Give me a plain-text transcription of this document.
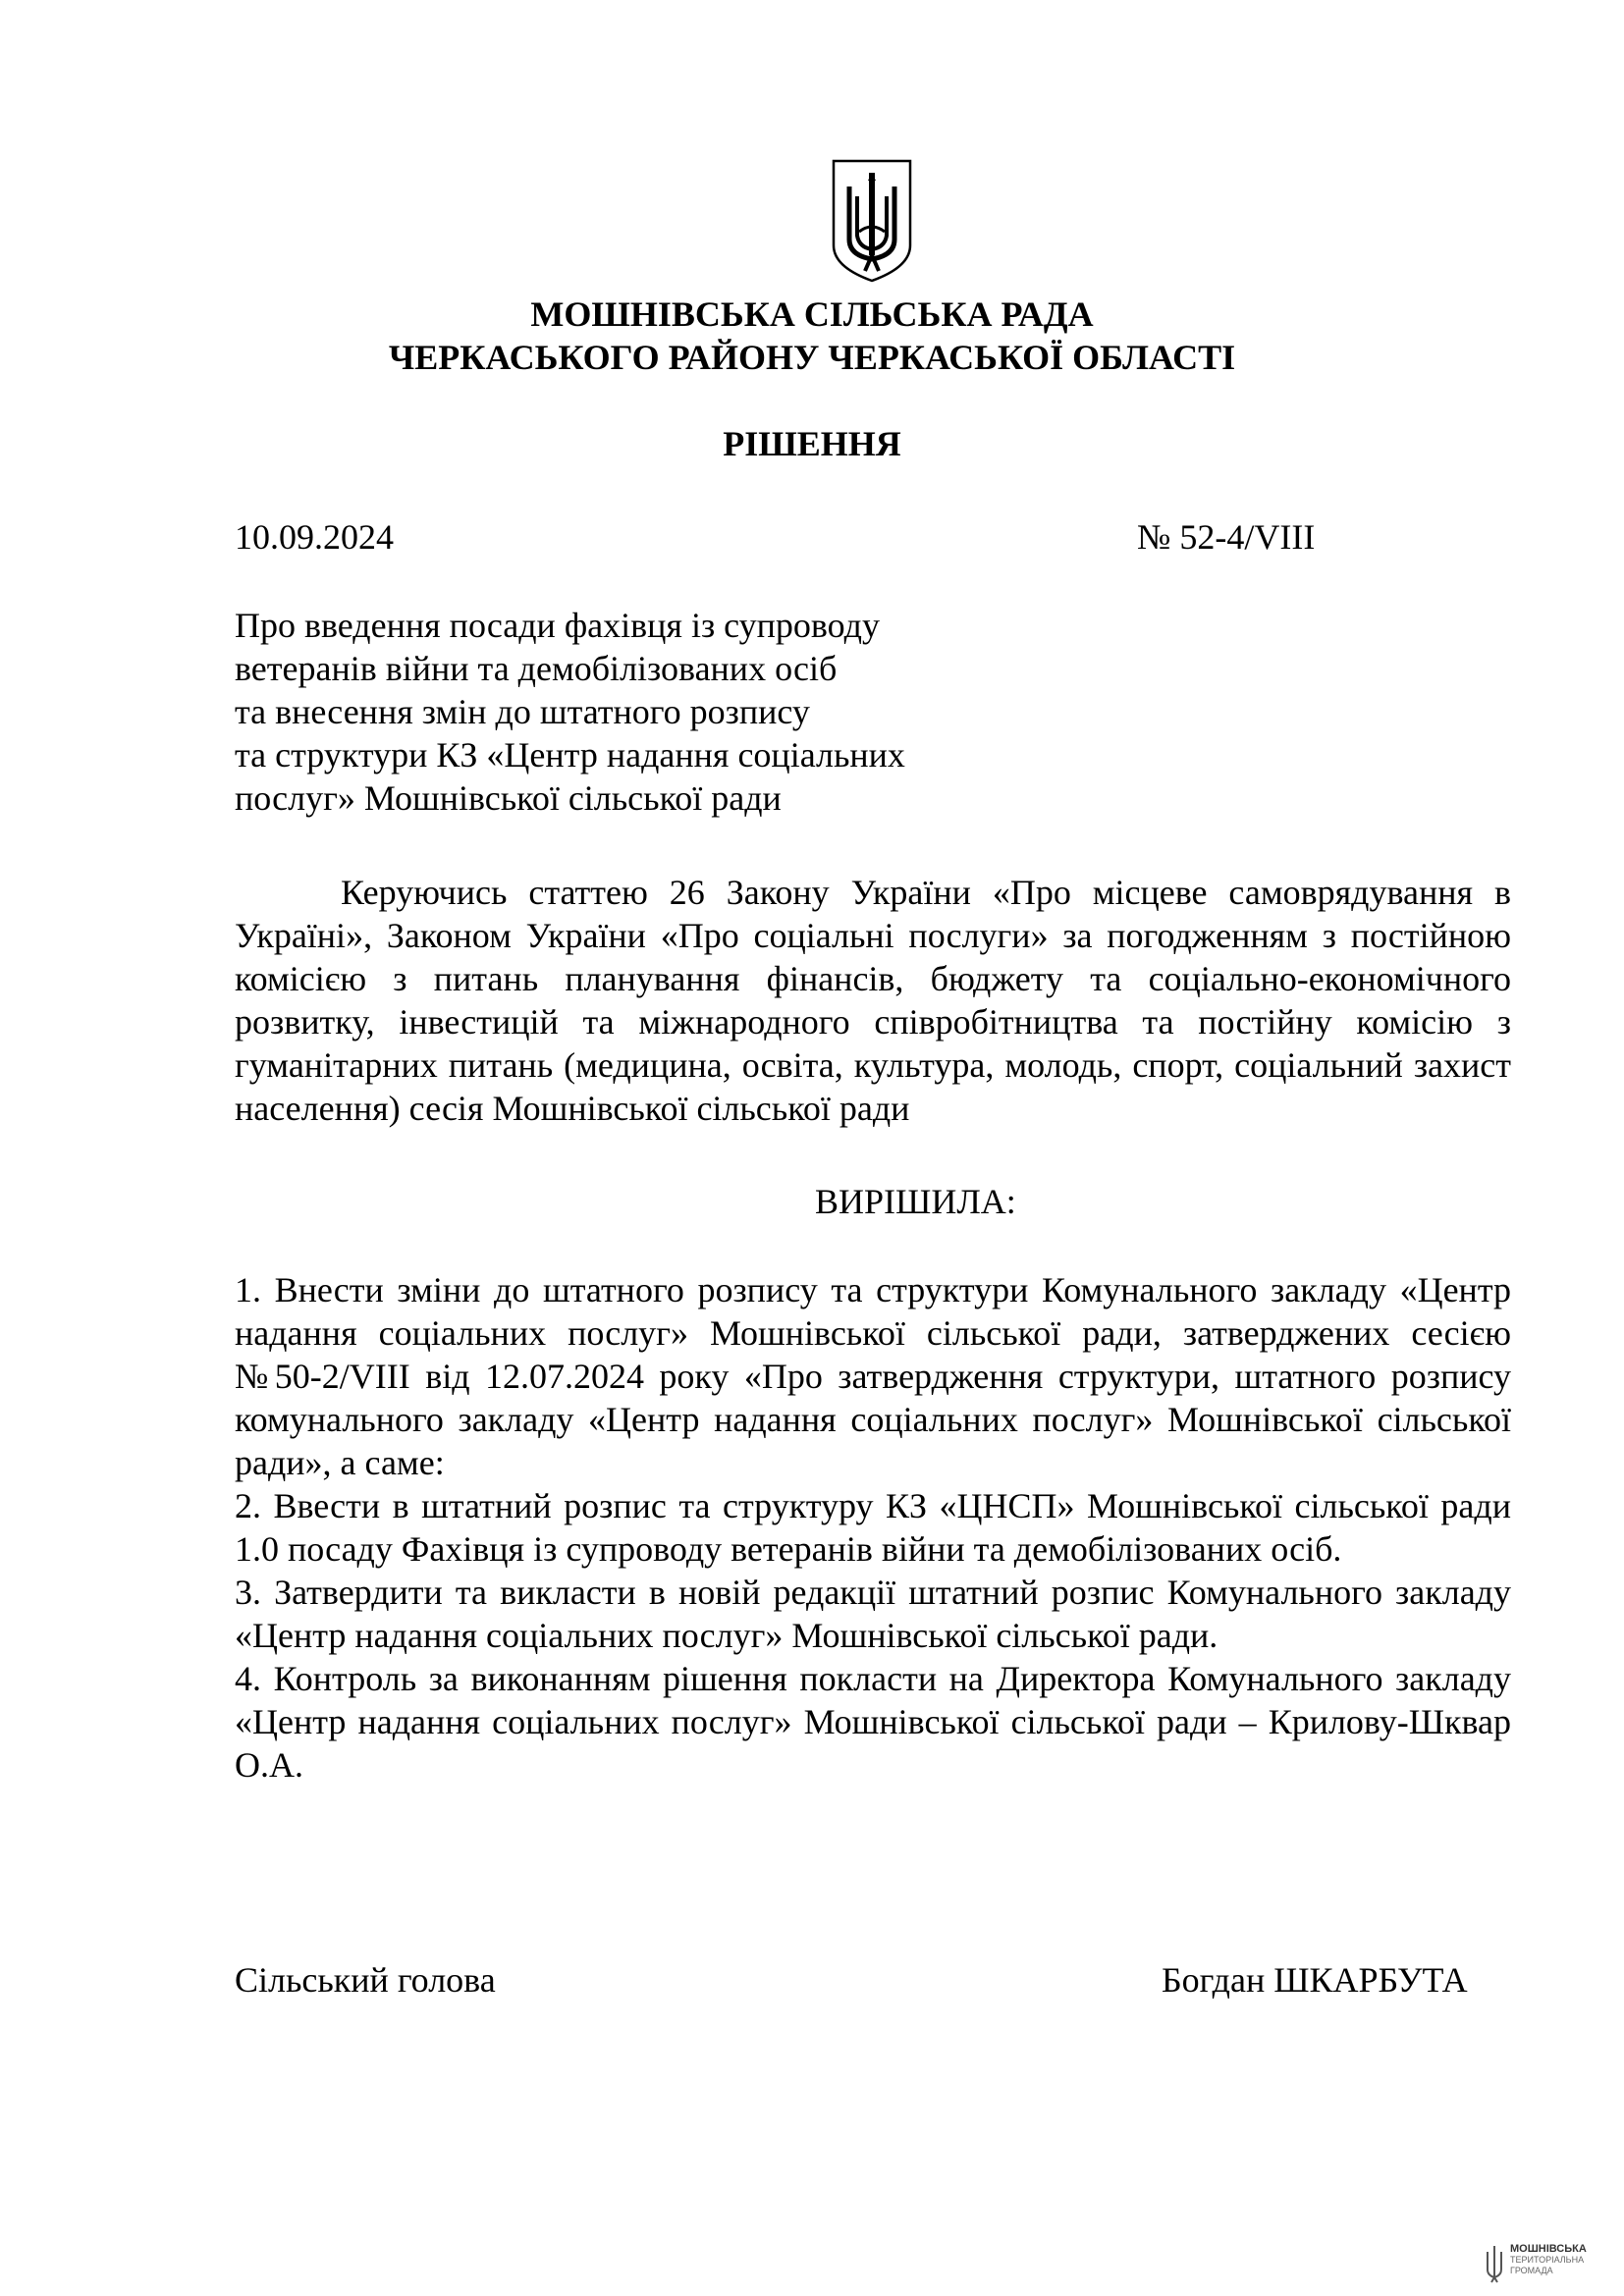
МОШНІВСЬКА СІЛЬСЬКА РАДА
ЧЕРКАСЬКОГО РАЙОНУ ЧЕРКАСЬКОЇ ОБЛАСТІ
РІШЕННЯ
10.09.2024	№ 52-4/VIII
Про введення посади фахівця із супроводу
ветеранів війни та демобілізованих осіб
та внесення змін до штатного розпису
та структури КЗ «Центр надання соціальних
послуг» Мошнівської сільської ради

Керуючись статтею 26 Закону України «Про місцеве самоврядування в Україні», Законом України «Про соціальні послуги» за погодженням з постійною комісією з питань планування фінансів, бюджету та соціально-економічного розвитку, інвестицій та міжнародного співробітництва та постійну комісію з гуманітарних питань (медицина, освіта, культура, молодь, спорт, соціальний захист населення) сесія Мошнівської сільської ради

ВИРІШИЛА:

1. Внести зміни до штатного розпису та структури Комунального закладу «Центр надання соціальних послуг» Мошнівської сільської ради, затверджених сесією №50-2/VIII від 12.07.2024 року «Про затвердження структури, штатного розпису комунального закладу «Центр надання соціальних послуг» Мошнівської сільської ради», а саме:

2. Ввести в штатний розпис та структуру КЗ «ЦНСП» Мошнівської сільської ради 1.0 посаду Фахівця із супроводу ветеранів війни та демобілізованих осіб.

3. Затвердити та викласти в новій редакції штатний розпис Комунального закладу «Центр надання соціальних послуг» Мошнівської сільської ради.

4. Контроль за виконанням рішення покласти на Директора Комунального закладу «Центр надання соціальних послуг» Мошнівської сільської ради – Крилову-Шквар О.А.

Сільський голова	Богдан ШКАРБУТА
МОШНІВСЬКА
ТЕРИТОРІАЛЬНА
ГРОМАДА
